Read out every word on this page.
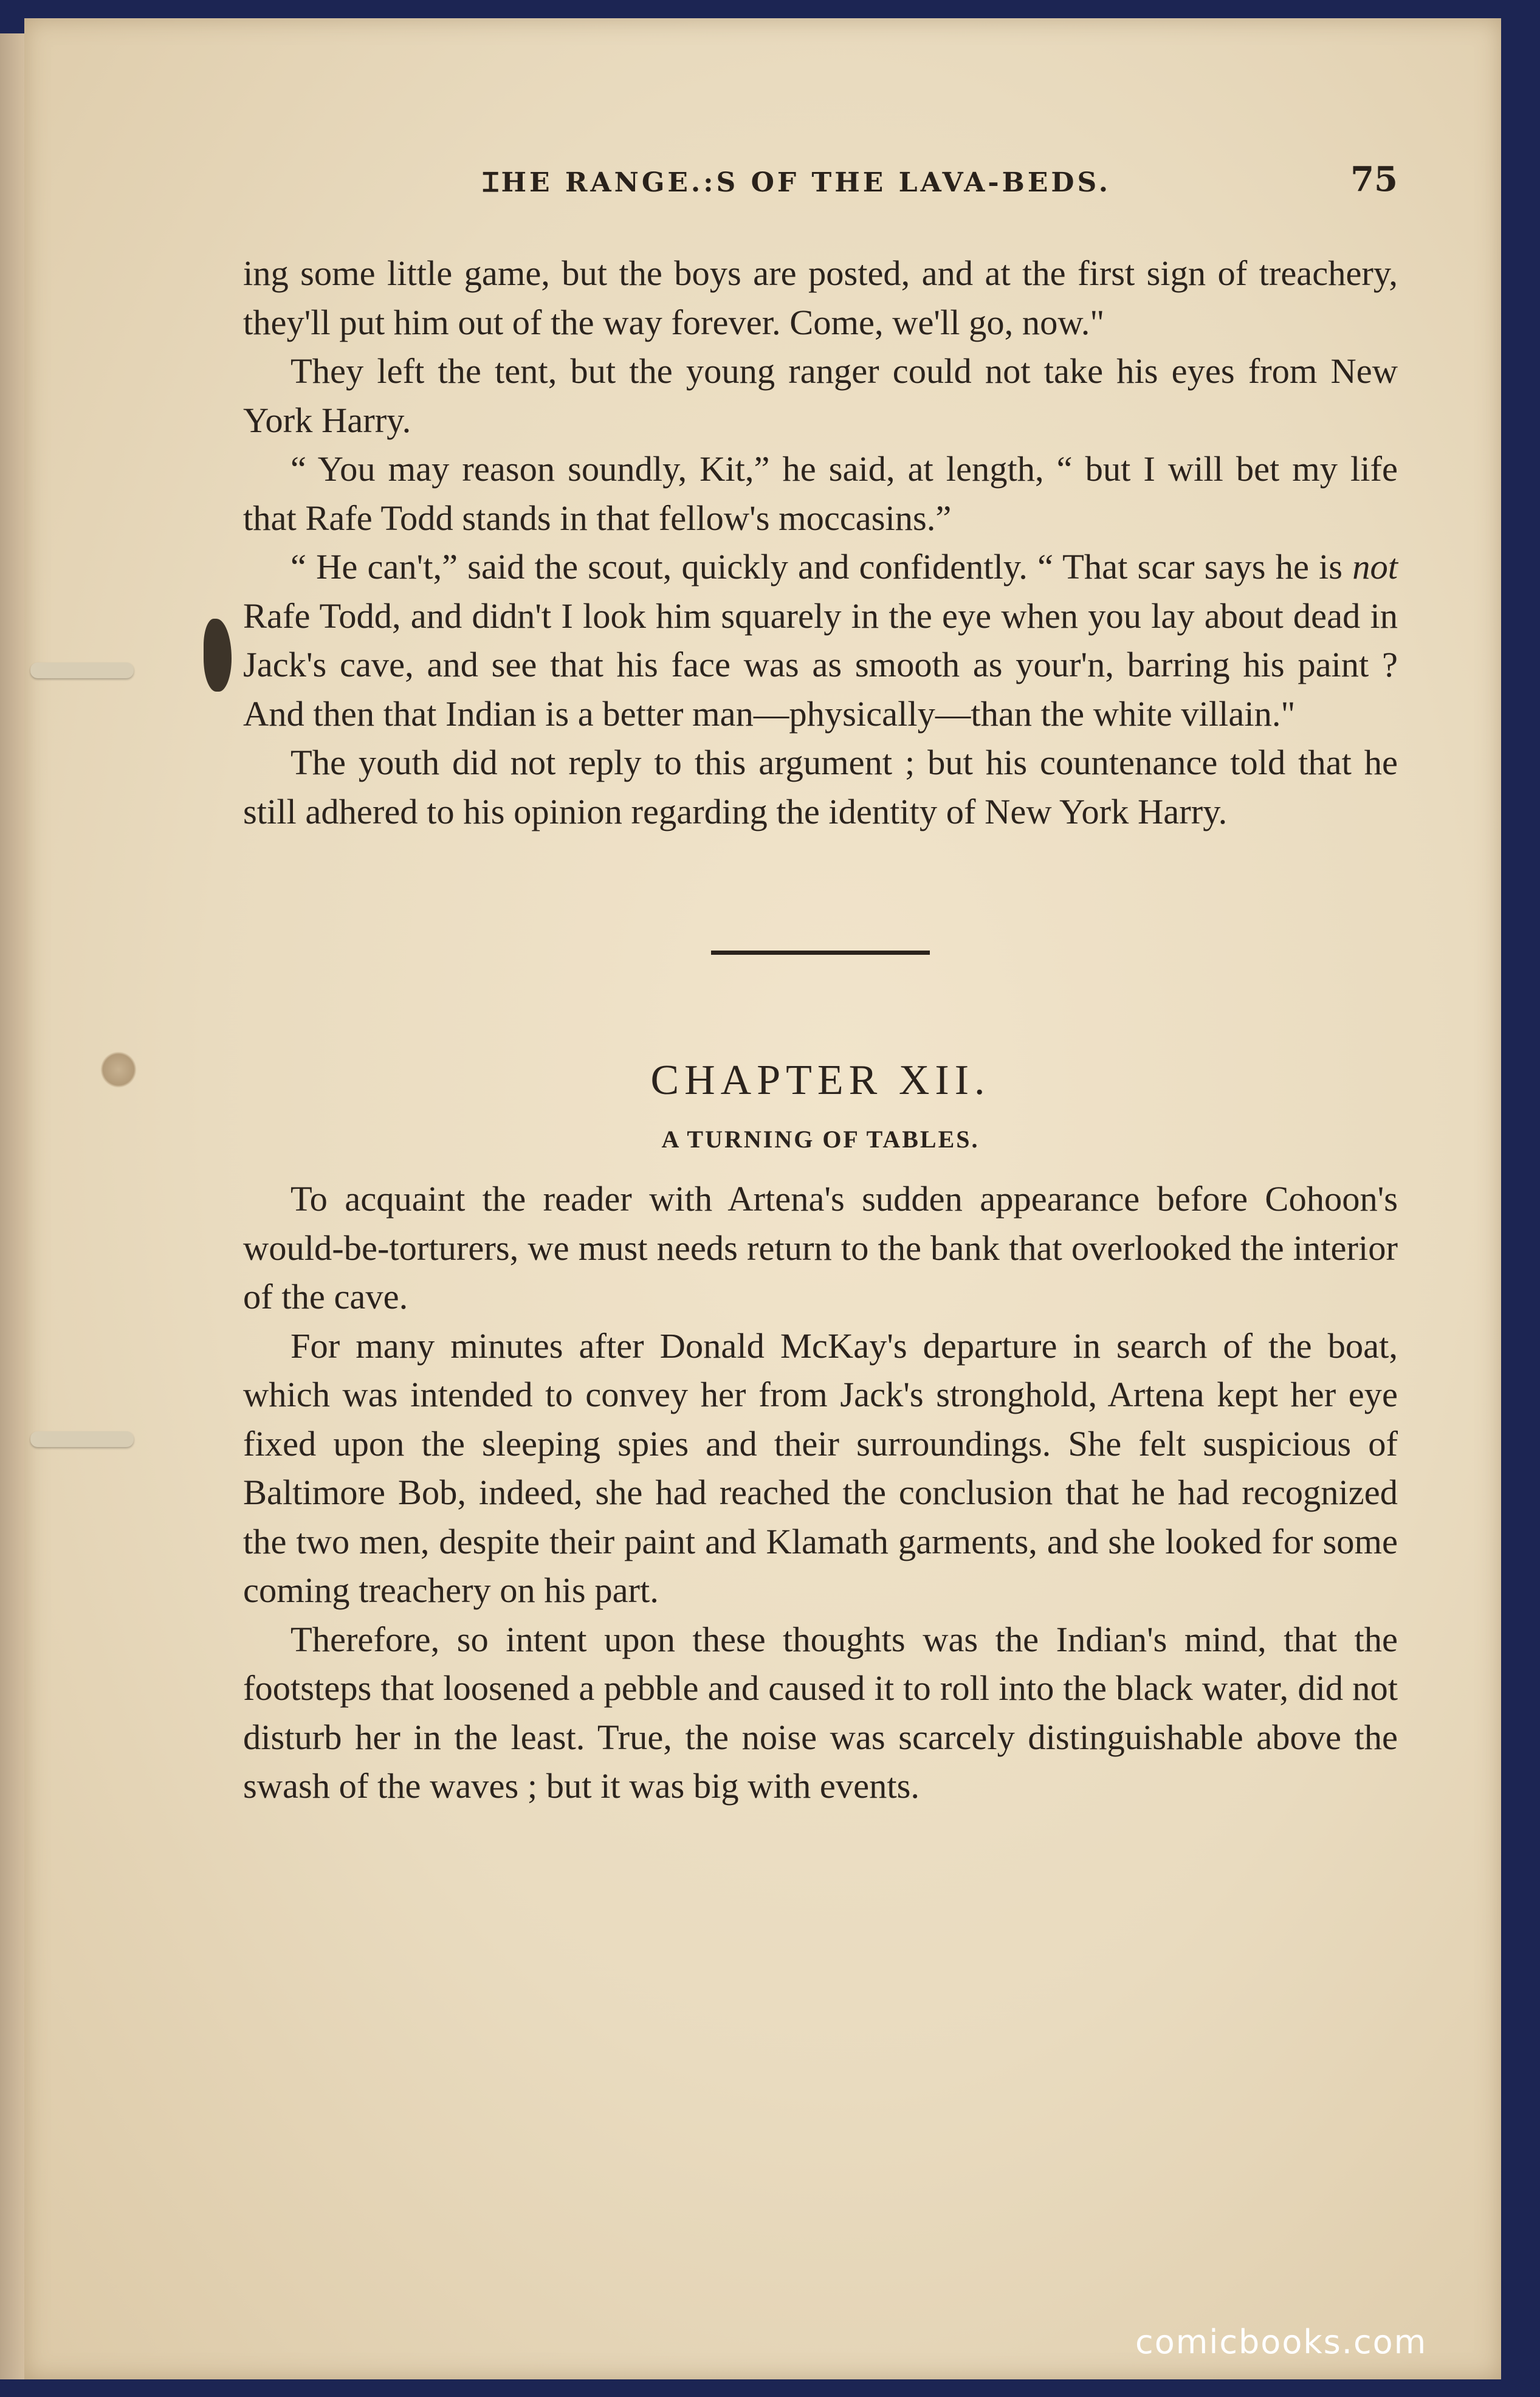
ꞮHE RANGE.:S OF THE LAVA-BEDS.	75

ing some little game, but the boys are posted, and at the first sign of treachery, they'll put him out of the way forever. Come, we'll go, now."

They left the tent, but the young ranger could not take his eyes from New York Harry.

“ You may reason soundly, Kit,” he said, at length, “ but I will bet my life that Rafe Todd stands in that fellow's moccasins.”

“ He can't,” said the scout, quickly and confidently. “ That scar says he is not Rafe Todd, and didn't I look him squarely in the eye when you lay about dead in Jack's cave, and see that his face was as smooth as your'n, barring his paint ? And then that Indian is a better man—physically—than the white villain."

The youth did not reply to this argument ; but his countenance told that he still adhered to his opinion regarding the identity of New York Harry.

CHAPTER XII.
A TURNING OF TABLES.

To acquaint the reader with Artena's sudden appearance before Cohoon's would-be-torturers, we must needs return to the bank that overlooked the interior of the cave.

For many minutes after Donald McKay's departure in search of the boat, which was intended to convey her from Jack's stronghold, Artena kept her eye fixed upon the sleeping spies and their surroundings. She felt suspicious of Baltimore Bob, indeed, she had reached the conclusion that he had recognized the two men, despite their paint and Klamath garments, and she looked for some coming treachery on his part.

Therefore, so intent upon these thoughts was the Indian's mind, that the footsteps that loosened a pebble and caused it to roll into the black water, did not disturb her in the least. True, the noise was scarcely distinguishable above the swash of the waves ; but it was big with events.

comicbooks.com
